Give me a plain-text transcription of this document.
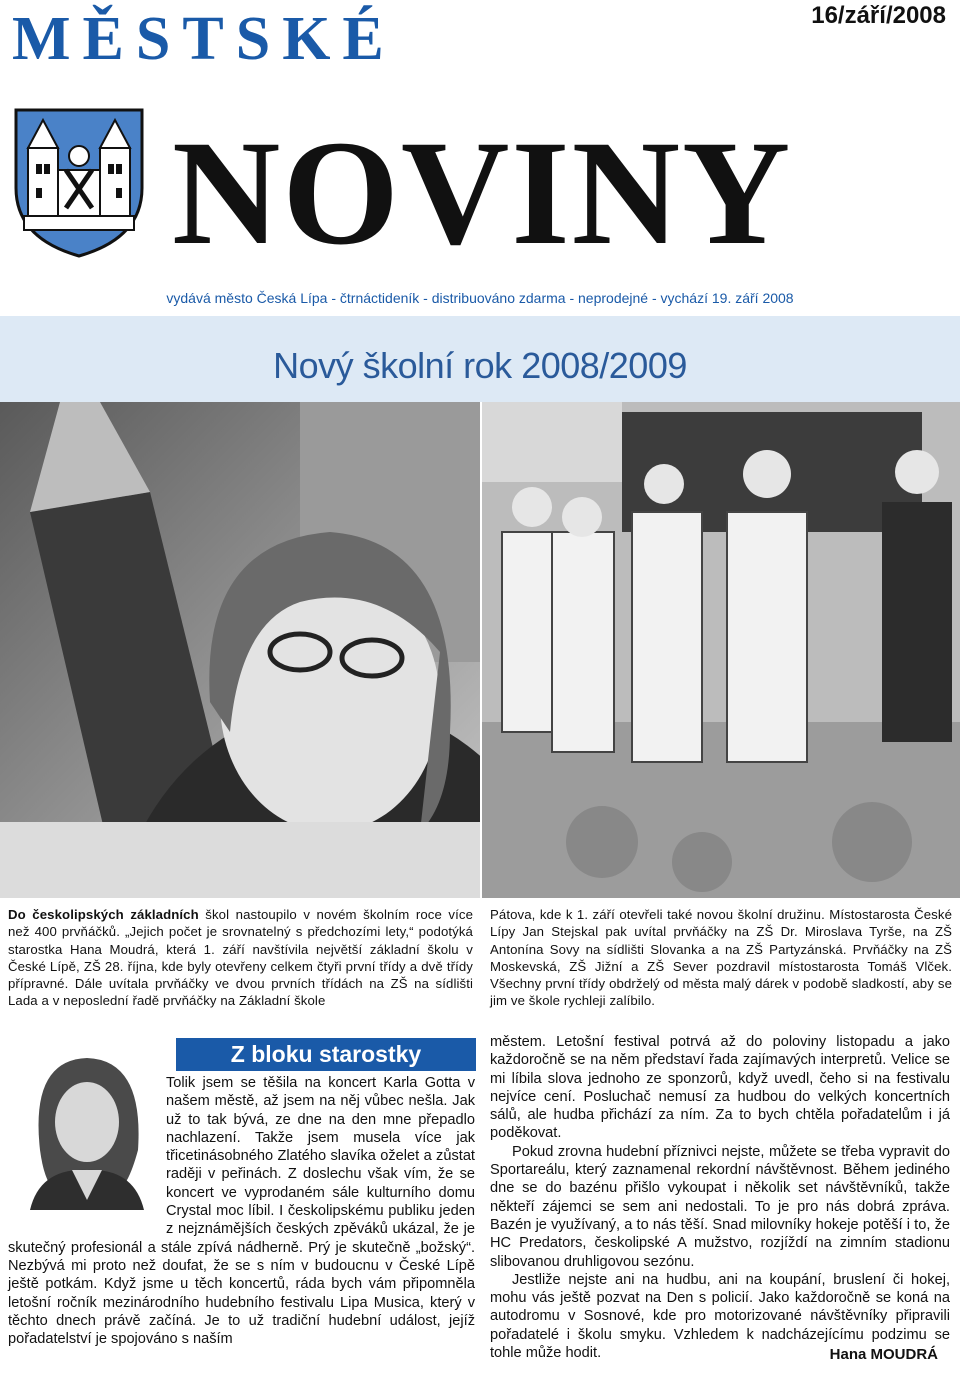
MĚSTSKÉ	16/září/2008
NOVINY
vydává město Česká Lípa - čtrnáctideník - distribuováno zdarma - neprodejné - vychází 19. září 2008
Nový školní rok 2008/2009
Do českolipských základních škol nastoupilo v novém školním roce více než 400 prvňáčků. „Jejich počet je srovnatelný s předchozími lety,“ podotýká starostka Hana Moudrá, která 1. září navštívila největší základní školu v České Lípě, ZŠ 28. října, kde byly otevřeny celkem čtyři první třídy a dvě třídy přípravné. Dále uvítala prvňáčky ve dvou prvních třídách na ZŠ na sídlišti Lada a v neposlední řadě prvňáčky na Základní škole
Pátova, kde k 1. září otevřeli také novou školní družinu. Místostarosta České Lípy Jan Stejskal pak uvítal prvňáčky na ZŠ Dr. Miroslava Tyrše, na ZŠ Antonína Sovy na sídlišti Slovanka a na ZŠ Partyzánská. Prvňáčky na ZŠ Moskevská, ZŠ Jižní a ZŠ Sever pozdravil místostarosta Tomáš Vlček. Všechny první třídy obdrželý od města malý dárek v podobě sladkostí, aby se jim ve škole rychleji zalíbilo.
Z bloku starostky
Tolik jsem se těšila na koncert Karla Gotta v našem městě, až jsem na něj vůbec nešla. Jak už to tak bývá, ze dne na den mne přepadlo nachlazení. Takže jsem musela více jak třicetinásobného Zlatého slavíka oželet a zůstat raději v peřinách. Z doslechu však vím, že se koncert ve vyprodaném sále kulturního domu Crystal moc líbil. I českolipskému publiku jeden z nejznámějších českých zpěváků ukázal, že je skutečný profesionál a stále zpívá nádherně. Prý je skutečně „božský“. Nezbývá mi proto než doufat, že se s ním v budoucnu v České Lípě ještě potkám. Když jsme u těch koncertů, ráda bych vám připomněla letošní ročník mezinárodního hudebního festivalu Lipa Musica, který v těchto dnech právě začíná. Je to už tradiční hudební událost, jejíž pořadatelství je spojováno s naším

městem. Letošní festival potrvá až do poloviny listopadu a jako každoročně se na něm představí řada zajímavých interpretů. Velice se mi líbila slova jednoho ze sponzorů, když uvedl, čeho si na festivalu nejvíce cení. Posluchač nemusí za hudbou do velkých koncertních sálů, ale hudba přichází za ním. Za to bych chtěla pořadatelům i já poděkovat.

Pokud zrovna hudební příznivci nejste, můžete se třeba vypravit do Sportareálu, který zaznamenal rekordní návštěvnost. Během jediného dne se do bazénu přišlo vykoupat i několik set návštěvníků, takže někteří zájemci se sem ani nedostali. To je pro nás dobrá zpráva. Bazén je využívaný, a to nás těší. Snad milovníky hokeje potěší i to, že HC Predators, českolipské A mužstvo, rozjíždí na zimním stadionu slibovanou druhligovou sezónu.

Jestliže nejste ani na hudbu, ani na koupání, bruslení či hokej, mohu vás ještě pozvat na Den s policií. Jako každoročně se koná na autodromu v Sosnové, kde pro motorizované návštěvníky připravili pořadatelé i školu smyku. Vzhledem k nadcházejícímu podzimu se tohle může hodit.	Hana MOUDRÁ
